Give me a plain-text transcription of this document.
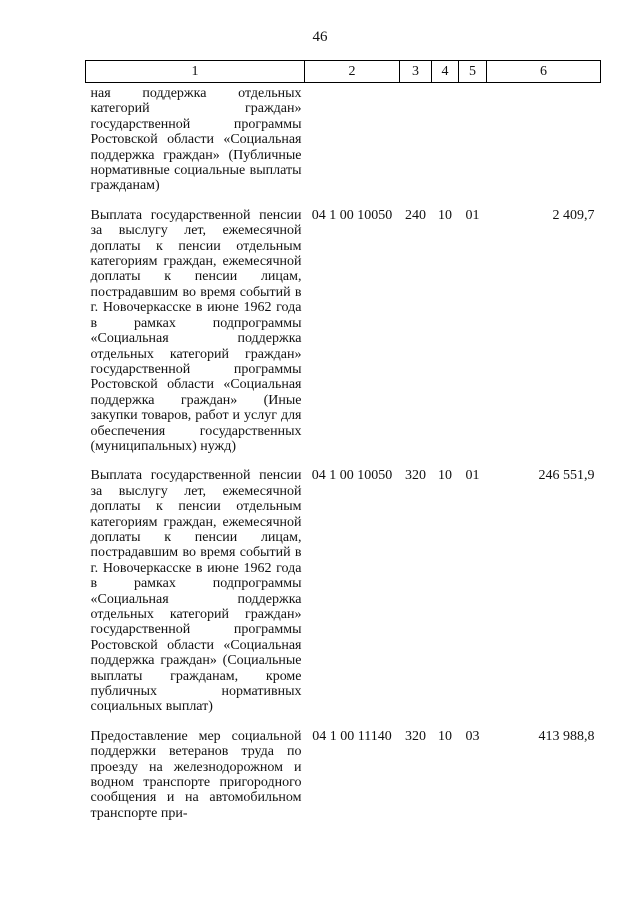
46
1	2	3	4	5	6

ная поддержка отдельных категорий граждан» государственной программы Ростовской области «Социальная поддержка граждан» (Публичные нормативные социальные выплаты гражданам)					

Выплата государственной пенсии за выслугу лет, ежемесячной доплаты к пенсии отдельным категориям граждан, ежемесячной доплаты к пенсии лицам, пострадавшим во время событий в г. Новочеркасске в июне 1962 года в рамках подпрограммы «Социальная поддержка отдельных категорий граждан» государственной программы Ростовской области «Социальная поддержка граждан» (Иные закупки товаров, работ и услуг для обеспечения государственных (муниципальных) нужд)	04 1 00 10050	240	10	01	2 409,7

Выплата государственной пенсии за выслугу лет, ежемесячной доплаты к пенсии отдельным категориям граждан, ежемесячной доплаты к пенсии лицам, пострадавшим во время событий в г. Новочеркасске в июне 1962 года в рамках подпрограммы «Социальная поддержка отдельных категорий граждан» государственной программы Ростовской области «Социальная поддержка граждан» (Социальные выплаты гражданам, кроме публичных нормативных социальных выплат)	04 1 00 10050	320	10	01	246 551,9

Предоставление мер социальной поддержки ветеранов труда по проезду на железнодорожном и водном транспорте пригородного сообщения и на автомобильном транспорте при-	04 1 00 11140	320	10	03	413 988,8
